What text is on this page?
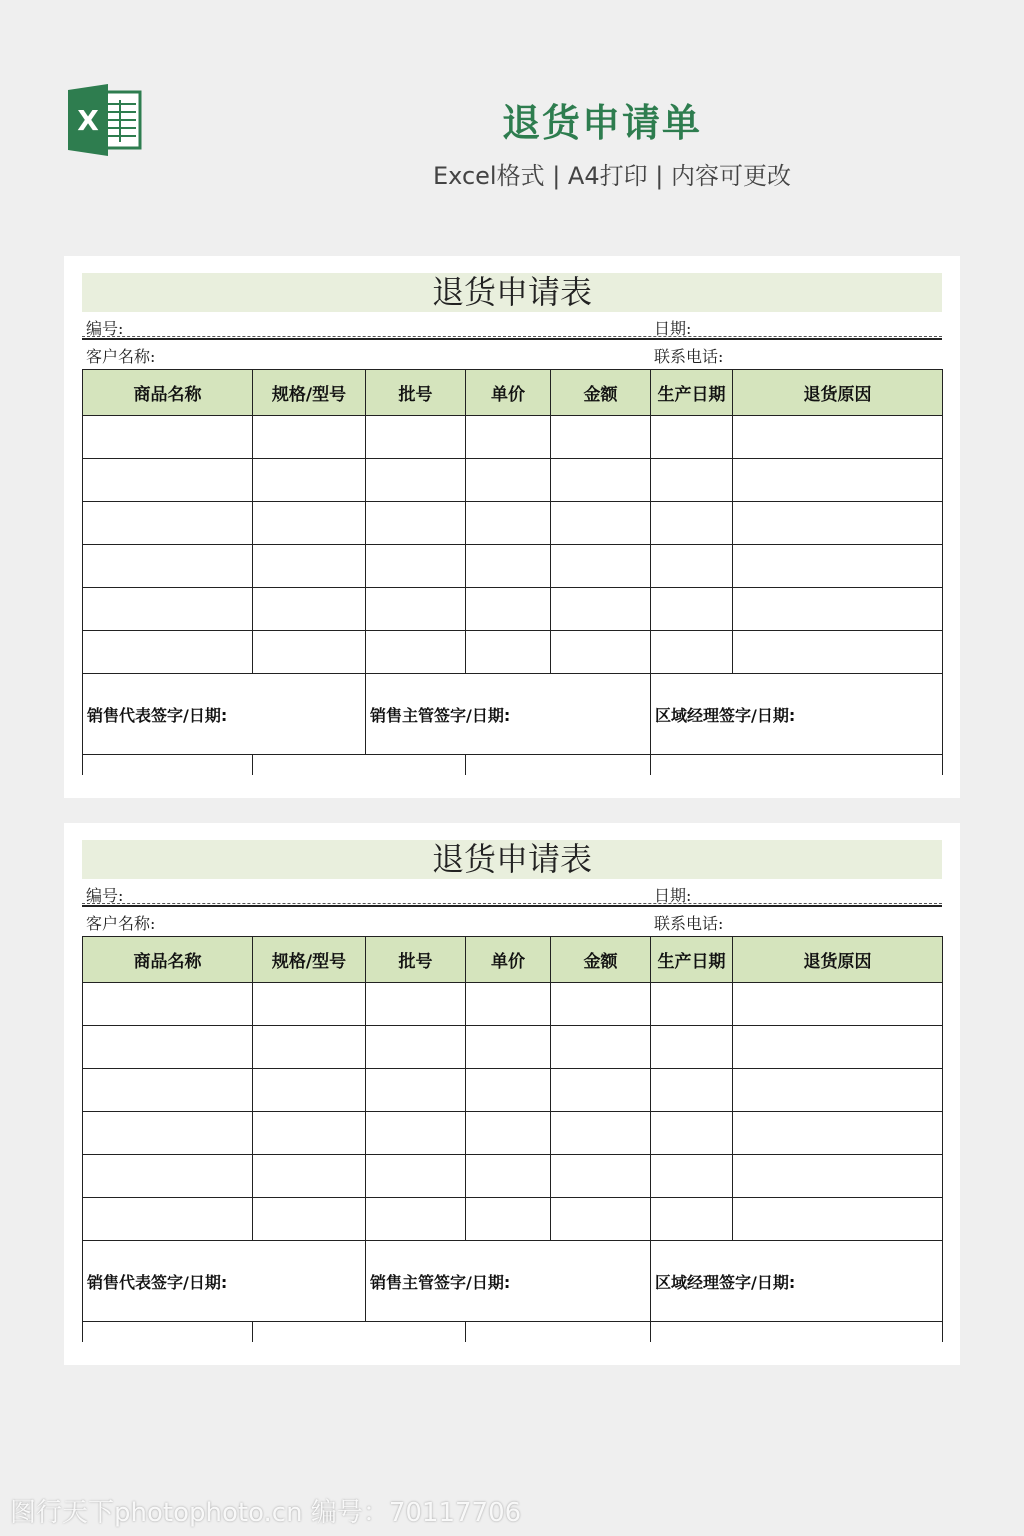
X	退货申请单
Excel格式 | A4打印 | 内容可更改
退货申请表
编号:	日期:
客户名称:	联系电话:
商品名称	规格/型号	批号	单价	金额	生产日期	退货原因

销售代表签字/日期:		销售主管签字/日期:			区域经理签字/日期:	

退货申请表
编号:	日期:
客户名称:	联系电话:
商品名称	规格/型号	批号	单价	金额	生产日期	退货原因

销售代表签字/日期:		销售主管签字/日期:			区域经理签字/日期:	

图行天下photophoto.cn 编号：70117706
